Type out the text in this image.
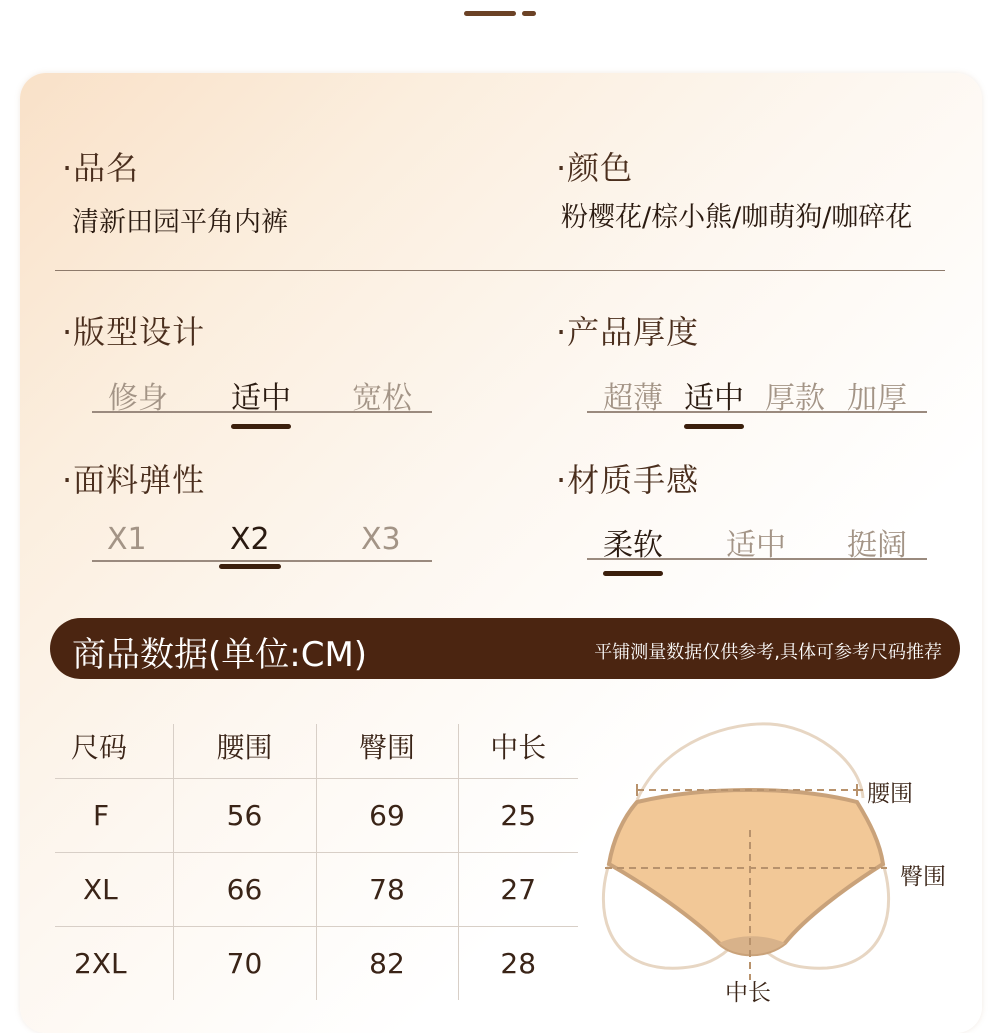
·品名
清新田园平角内裤
·颜色
粉樱花/棕小熊/咖萌狗/咖碎花
·版型设计
修身 适中 宽松
·产品厚度
超薄 适中 厚款 加厚
·面料弹性
X1	X2	X3
·材质手感
柔软 适中 挺阔
商品数据(单位:CM)	平铺测量数据仅供参考,具体可参考尺码推荐
尺码	腰围	臀围	中长
F	56	69	25
XL	66	78	27
2XL	70	82	28
腰围
臀围
中长
